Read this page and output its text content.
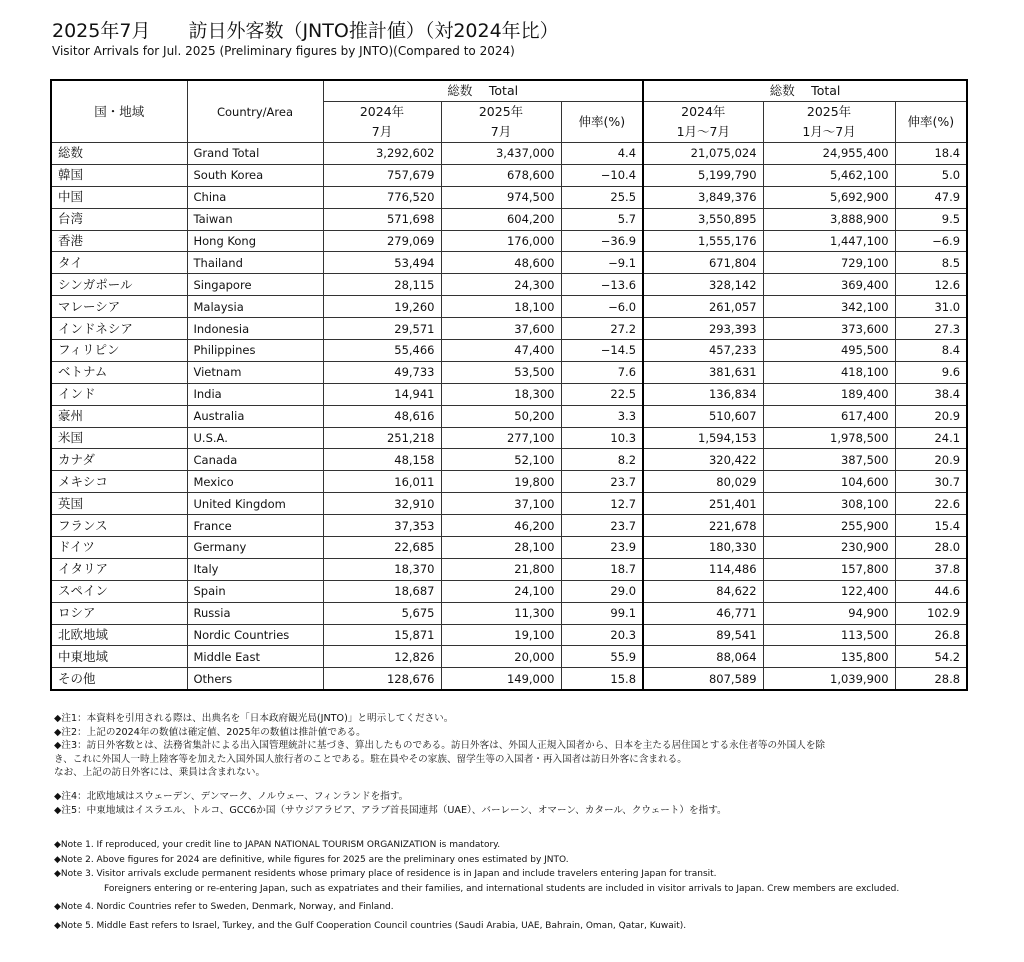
2025年7月　　訪日外客数（JNTO推計値）（対2024年比）
Visitor Arrivals for Jul. 2025 (Preliminary figures by JNTO)(Compared to 2024)
国・地域	Country/Area	総数　 Total			総数　 Total		
		2024年	2025年	伸率(%)	2024年	2025年	伸率(%)
		7月	7月		1月～7月	1月～7月	
総数	Grand Total	3,292,602	3,437,000	4.4	21,075,024	24,955,400	18.4
韓国	South Korea	757,679	678,600	−10.4	5,199,790	5,462,100	5.0
中国	China	776,520	974,500	25.5	3,849,376	5,692,900	47.9
台湾	Taiwan	571,698	604,200	5.7	3,550,895	3,888,900	9.5
香港	Hong Kong	279,069	176,000	−36.9	1,555,176	1,447,100	−6.9
タイ	Thailand	53,494	48,600	−9.1	671,804	729,100	8.5
シンガポール	Singapore	28,115	24,300	−13.6	328,142	369,400	12.6
マレーシア	Malaysia	19,260	18,100	−6.0	261,057	342,100	31.0
インドネシア	Indonesia	29,571	37,600	27.2	293,393	373,600	27.3
フィリピン	Philippines	55,466	47,400	−14.5	457,233	495,500	8.4
ベトナム	Vietnam	49,733	53,500	7.6	381,631	418,100	9.6
インド	India	14,941	18,300	22.5	136,834	189,400	38.4
豪州	Australia	48,616	50,200	3.3	510,607	617,400	20.9
米国	U.S.A.	251,218	277,100	10.3	1,594,153	1,978,500	24.1
カナダ	Canada	48,158	52,100	8.2	320,422	387,500	20.9
メキシコ	Mexico	16,011	19,800	23.7	80,029	104,600	30.7
英国	United Kingdom	32,910	37,100	12.7	251,401	308,100	22.6
フランス	France	37,353	46,200	23.7	221,678	255,900	15.4
ドイツ	Germany	22,685	28,100	23.9	180,330	230,900	28.0
イタリア	Italy	18,370	21,800	18.7	114,486	157,800	37.8
スペイン	Spain	18,687	24,100	29.0	84,622	122,400	44.6
ロシア	Russia	5,675	11,300	99.1	46,771	94,900	102.9
北欧地域	Nordic Countries	15,871	19,100	20.3	89,541	113,500	26.8
中東地域	Middle East	12,826	20,000	55.9	88,064	135,800	54.2
その他	Others	128,676	149,000	15.8	807,589	1,039,900	28.8

◆注1：本資料を引用される際は、出典名を「日本政府観光局(JNTO)」と明示してください。

◆注2：上記の2024年の数値は確定値、2025年の数値は推計値である。

◆注3：訪日外客数とは、法務省集計による出入国管理統計に基づき、算出したものである。訪日外客は、外国人正規入国者から、日本を主たる居住国とする永住者等の外国人を除

き、これに外国人一時上陸客等を加えた入国外国人旅行者のことである。駐在員やその家族、留学生等の入国者・再入国者は訪日外客に含まれる。

なお、上記の訪日外客には、乗員は含まれない。

◆注4：北欧地域はスウェーデン、デンマーク、ノルウェー、フィンランドを指す。

◆注5：中東地域はイスラエル、トルコ、GCC6か国（サウジアラビア、アラブ首長国連邦（UAE）、バーレーン、オマーン、カタール、クウェート）を指す。

◆Note 1. If reproduced, your credit line to JAPAN NATIONAL TOURISM ORGANIZATION is mandatory.

◆Note 2. Above figures for 2024 are definitive, while figures for 2025 are the preliminary ones estimated by JNTO.

◆Note 3. Visitor arrivals exclude permanent residents whose primary place of residence is in Japan and include travelers entering Japan for transit.

Foreigners entering or re-entering Japan, such as expatriates and their families, and international students are included in visitor arrivals to Japan. Crew members are excluded.

◆Note 4. Nordic Countries refer to Sweden, Denmark, Norway, and Finland.

◆Note 5. Middle East refers to Israel, Turkey, and the Gulf Cooperation Council countries (Saudi Arabia, UAE, Bahrain, Oman, Qatar, Kuwait).
